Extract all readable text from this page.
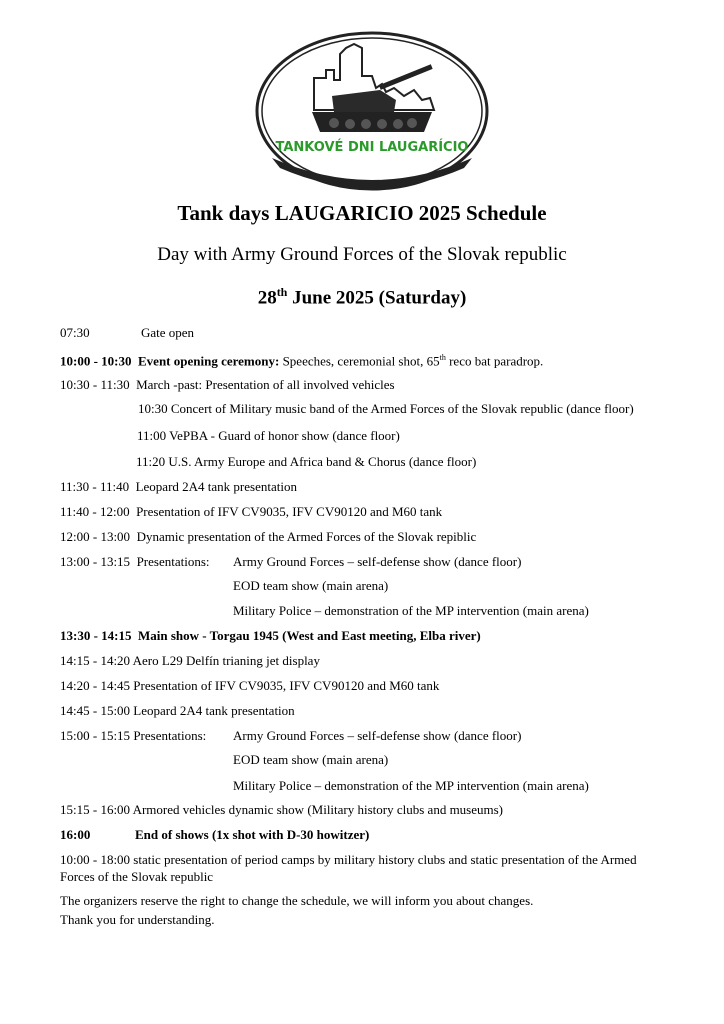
TANKOVÉ DNI LAUGARÍCIO
Tank days LAUGARICIO 2025 Schedule
Day with Army Ground Forces of the Slovak republic
28th June 2025 (Saturday)
07:30	Gate open
10:00 - 10:30 Event opening ceremony: Speeches, ceremonial shot, 65th reco bat paradrop.
10:30 - 11:30 March -past: Presentation of all involved vehicles
10:30 Concert of Military music band of the Armed Forces of the Slovak republic (dance floor)
11:00 VePBA - Guard of honor show (dance floor)
11:20 U.S. Army Europe and Africa band & Chorus (dance floor)
11:30 - 11:40 Leopard 2A4 tank presentation
11:40 - 12:00 Presentation of IFV CV9035, IFV CV90120 and M60 tank
12:00 - 13:00 Dynamic presentation of the Armed Forces of the Slovak repiblic
13:00 - 13:15 Presentations: Army Ground Forces – self-defense show (dance floor)
EOD team show (main arena)
Military Police – demonstration of the MP intervention (main arena)
13:30 - 14:15 Main show - Torgau 1945 (West and East meeting, Elba river)
14:15 - 14:20 Aero L29 Delfín trianing jet display
14:20 - 14:45 Presentation of IFV CV9035, IFV CV90120 and M60 tank
14:45 - 15:00 Leopard 2A4 tank presentation
15:00 - 15:15 Presentations: Army Ground Forces – self-defense show (dance floor)
EOD team show (main arena)
Military Police – demonstration of the MP intervention (main arena)
15:15 - 16:00 Armored vehicles dynamic show (Military history clubs and museums)
16:00	End of shows (1x shot with D-30 howitzer)
10:00 - 18:00 static presentation of period camps by military history clubs and static presentation of the Armed
Forces of the Slovak republic
The organizers reserve the right to change the schedule, we will inform you about changes.
Thank you for understanding.
